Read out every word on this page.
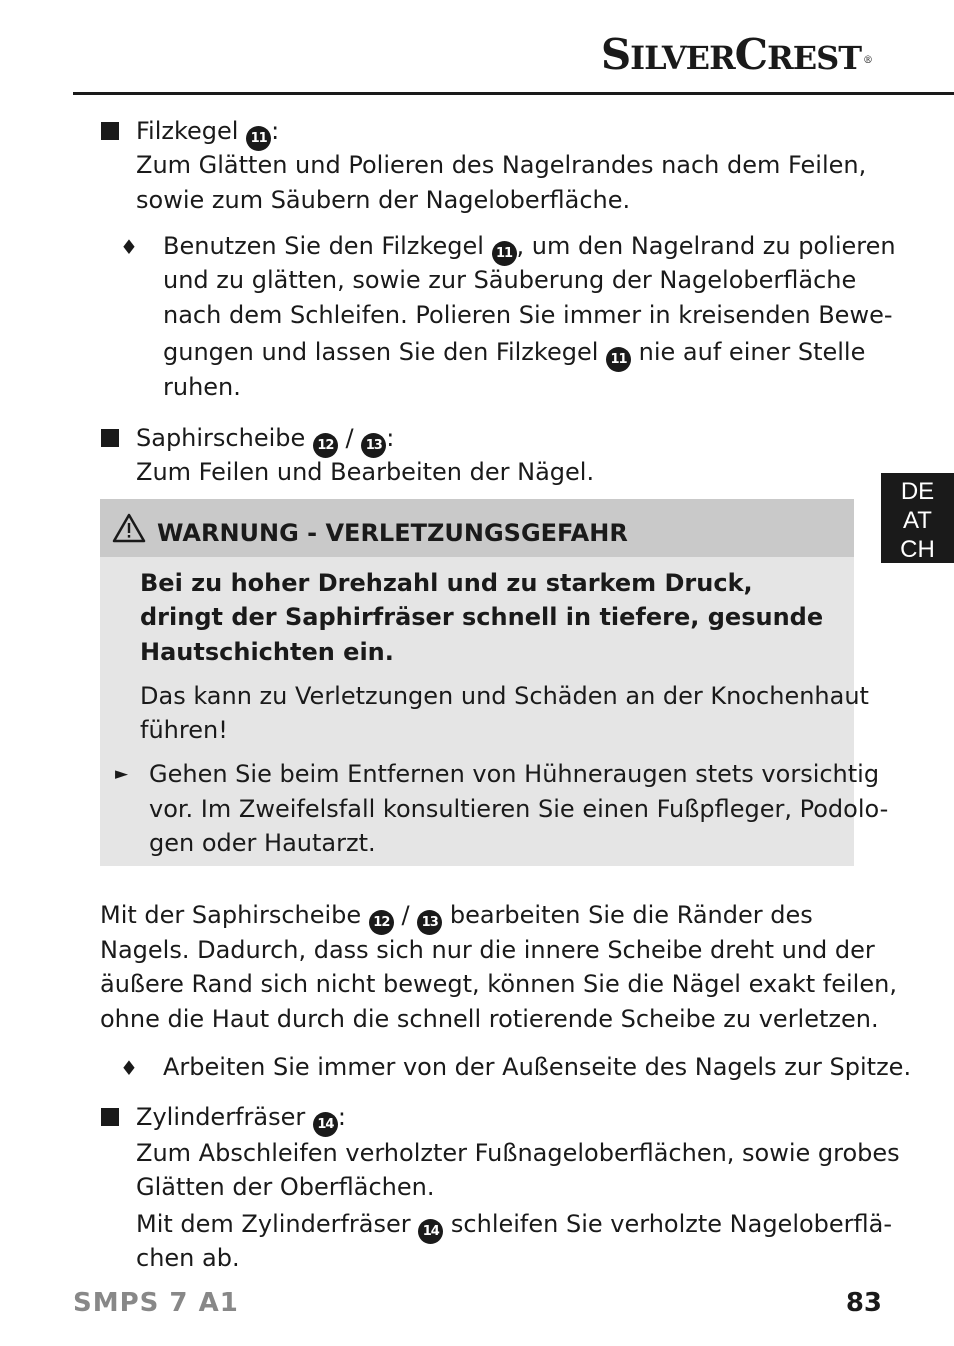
SILVERCREST ®
DE
AT
CH
Filzkegel 11 :
Zum Glätten und Polieren des Nagelrandes nach dem Feilen,
sowie zum Säubern der Nageloberfläche.
♦ Benutzen Sie den Filzkegel 11 , um den Nagelrand zu polieren
und zu glätten, sowie zur Säuberung der Nageloberfläche
nach dem Schleifen. Polieren Sie immer in kreisenden Bewe-
gungen und lassen Sie den Filzkegel 11 nie auf einer Stelle
ruhen.
Saphirscheibe 12 / 13 :
Zum Feilen und Bearbeiten der Nägel.
WARNUNG - VERLETZUNGSGEFAHR
Bei zu hoher Drehzahl und zu starkem Druck,
dringt der Saphirfräser schnell in tiefere, gesunde
Hautschichten ein.
Das kann zu Verletzungen und Schäden an der Knochenhaut
führen!
► Gehen Sie beim Entfernen von Hühneraugen stets vorsichtig
vor. Im Zweifelsfall konsultieren Sie einen Fußpfleger, Podolo-
gen oder Hautarzt.
Mit der Saphirscheibe 12 / 13 bearbeiten Sie die Ränder des
Nagels. Dadurch, dass sich nur die innere Scheibe dreht und der
äußere Rand sich nicht bewegt, können Sie die Nägel exakt feilen,
ohne die Haut durch die schnell rotierende Scheibe zu verletzen.
♦ Arbeiten Sie immer von der Außenseite des Nagels zur Spitze.
Zylinderfräser 14 :
Zum Abschleifen verholzter Fußnageloberflächen, sowie grobes
Glätten der Oberflächen.
Mit dem Zylinderfräser 14 schleifen Sie verholzte Nageloberflä-
chen ab.
SMPS 7 A1	83
